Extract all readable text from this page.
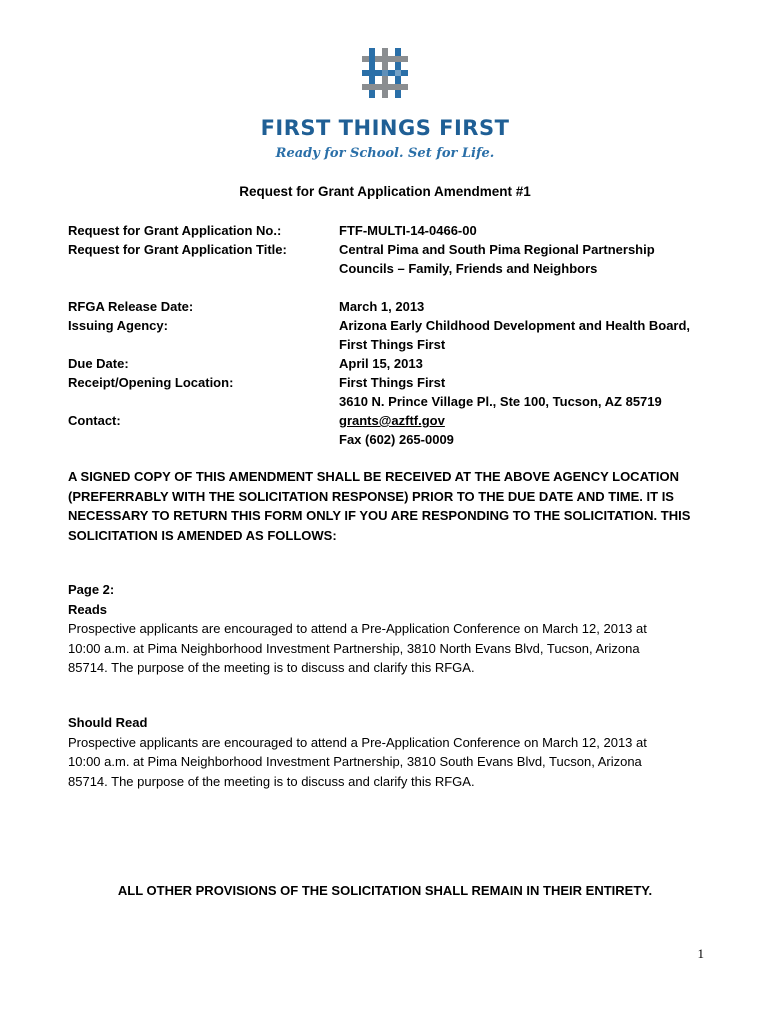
FIRST THINGS FIRST
Ready for School. Set for Life.
Request for Grant Application Amendment #1
Request for Grant Application No.:	FTF-MULTI-14-0466-00
Request for Grant Application Title:	Central Pima and South Pima Regional Partnership
Councils – Family, Friends and Neighbors
RFGA Release Date:	March 1, 2013
Issuing Agency:	Arizona Early Childhood Development and Health Board,
First Things First
Due Date:	April 15, 2013
Receipt/Opening Location:	First Things First
3610 N. Prince Village Pl., Ste 100, Tucson, AZ 85719
Contact:	grants@azftf.gov
Fax (602) 265-0009
A SIGNED COPY OF THIS AMENDMENT SHALL BE RECEIVED AT THE ABOVE AGENCY LOCATION
(PREFERRABLY WITH THE SOLICITATION RESPONSE) PRIOR TO THE DUE DATE AND TIME. IT IS
NECESSARY TO RETURN THIS FORM ONLY IF YOU ARE RESPONDING TO THE SOLICITATION. THIS
SOLICITATION IS AMENDED AS FOLLOWS:
Page 2:
Reads
Prospective applicants are encouraged to attend a Pre-Application Conference on March 12, 2013 at
10:00 a.m. at Pima Neighborhood Investment Partnership, 3810 North Evans Blvd, Tucson, Arizona
85714. The purpose of the meeting is to discuss and clarify this RFGA.
Should Read
Prospective applicants are encouraged to attend a Pre-Application Conference on March 12, 2013 at
10:00 a.m. at Pima Neighborhood Investment Partnership, 3810 South Evans Blvd, Tucson, Arizona
85714. The purpose of the meeting is to discuss and clarify this RFGA.
ALL OTHER PROVISIONS OF THE SOLICITATION SHALL REMAIN IN THEIR ENTIRETY.
1
